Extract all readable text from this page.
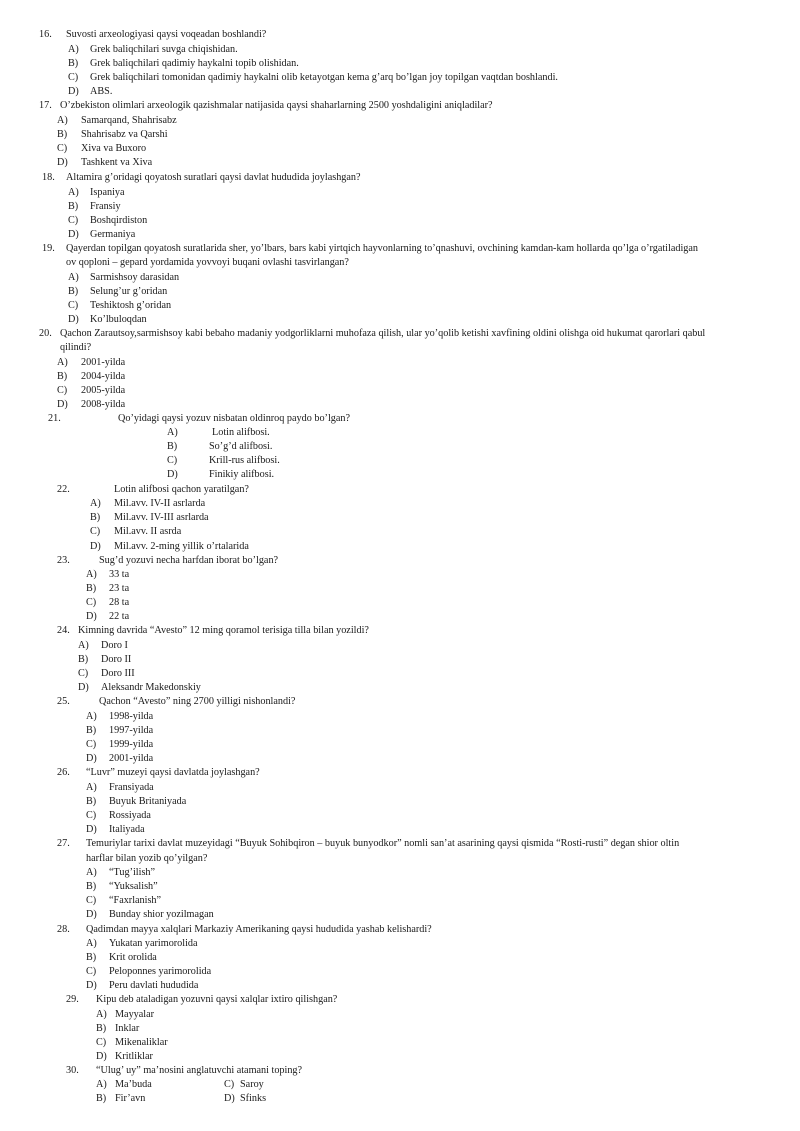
16. Suvosti arxeologiyasi qaysi voqeadan boshlandi?
A) Grek baliqchilari suvga chiqishidan.
B) Grek baliqchilari qadimiy haykalni topib olishidan.
C) Grek baliqchilari tomonidan qadimiy haykalni olib ketayotgan kema g’arq bo’lgan joy topilgan vaqtdan boshlandi.
D) ABS.
17. O’zbekiston olimlari arxeologik qazishmalar natijasida qaysi shaharlarning 2500 yoshdaligini aniqladilar?
A) Samarqand, Shahrisabz
B) Shahrisabz va Qarshi
C) Xiva va Buxoro
D) Tashkent va Xiva
18. Altamira g’oridagi qoyatosh suratlari qaysi davlat hududida joylashgan?
A) Ispaniya
B) Fransiy
C) Boshqirdiston
D) Germaniya
19. Qayerdan topilgan qoyatosh suratlarida sher, yo’lbars, bars kabi yirtqich hayvonlarning to’qnashuvi, ovchining kamdan-kam hollarda qo’lga o’rgatiladigan
ov qoploni – gepard yordamida yovvoyi buqani ovlashi tasvirlangan?
A) Sarmishsoy darasidan
B) Selung’ur g’oridan
C) Teshiktosh g’oridan
D) Ko’lbuloqdan
20. Qachon Zarautsoy,sarmishsoy kabi bebaho madaniy yodgorliklarni muhofaza qilish, ular yo’qolib ketishi xavfining oldini olishga oid hukumat qarorlari qabul
qilindi?
A) 2001-yilda
B) 2004-yilda
C) 2005-yilda
D) 2008-yilda
21.	Qo’yidagi qaysi yozuv nisbatan oldinroq paydo bo’lgan?
A)	Lotin alifbosi.
B)	So’g’d alifbosi.
C)	Krill-rus alifbosi.
D)	Finikiy alifbosi.
22.	Lotin alifbosi qachon yaratilgan?
A) Mil.avv. IV-II asrlarda
B) Mil.avv. IV-III asrlarda
C) Mil.avv. II asrda
D) Mil.avv. 2-ming yillik o’rtalarida
23.	Sug’d yozuvi necha harfdan iborat bo’lgan?
A) 33 ta
B) 23 ta
C) 28 ta
D) 22 ta
24. Kimning davrida “Avesto” 12 ming qoramol terisiga tilla bilan yozildi?
A) Doro I
B) Doro II
C) Doro III
D) Aleksandr Makedonskiy
25.	Qachon “Avesto” ning 2700 yilligi nishonlandi?
A) 1998-yilda
B) 1997-yilda
C) 1999-yilda
D) 2001-yilda
26. “Luvr” muzeyi qaysi davlatda joylashgan?
A) Fransiyada
B) Buyuk Britaniyada
C) Rossiyada
D) Italiyada
27. Temuriylar tarixi davlat muzeyidagi “Buyuk Sohibqiron – buyuk bunyodkor” nomli san’at asarining qaysi qismida “Rosti-rusti” degan shior oltin
harflar bilan yozib qo’yilgan?
A) “Tug’ilish”
B) “Yuksalish”
C) “Faxrlanish”
D) Bunday shior yozilmagan
28. Qadimdan mayya xalqlari Markaziy Amerikaning qaysi hududida yashab kelishardi?
A) Yukatan yarimorolida
B) Krit orolida
C) Peloponnes yarimorolida
D) Peru davlati hududida
29. Kipu deb ataladigan yozuvni qaysi xalqlar ixtiro qilishgan?
A) Mayyalar
B) Inklar
C) Mikenaliklar
D) Kritliklar
30. “Ulug’ uy” ma’nosini anglatuvchi atamani toping?
A) Ma’buda	C) Saroy
B) Fir’avn	D) Sfinks
